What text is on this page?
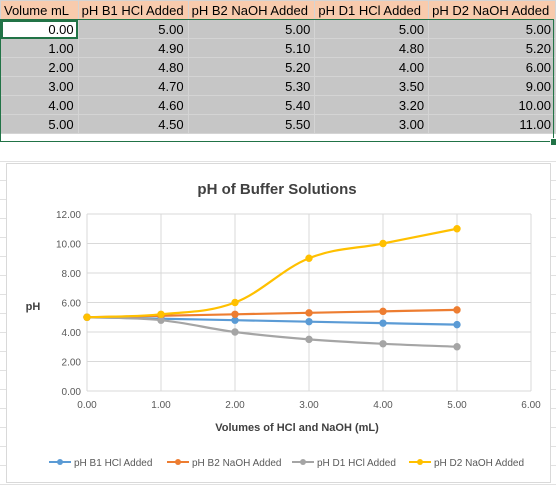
Volume mL	pH B1 HCl Added	pH B2 NaOH Added	pH D1 HCl Added	pH D2 NaOH Added
0.00	5.00	5.00	5.00	5.00
1.00	4.90	5.10	4.80	5.20
2.00	4.80	5.20	4.00	6.00
3.00	4.70	5.30	3.50	9.00
4.00	4.60	5.40	3.20	10.00
5.00	4.50	5.50	3.00	11.00
pH of Buffer Solutions
pH
Volumes of HCl and NaOH (mL)
0.00
2.00
4.00
6.00
8.00
10.00
12.00
0.00	1.00	2.00	3.00	4.00	5.00	6.00
pH B1 HCl Added	pH B2 NaOH Added	pH D1 HCl Added	pH D2 NaOH Added
